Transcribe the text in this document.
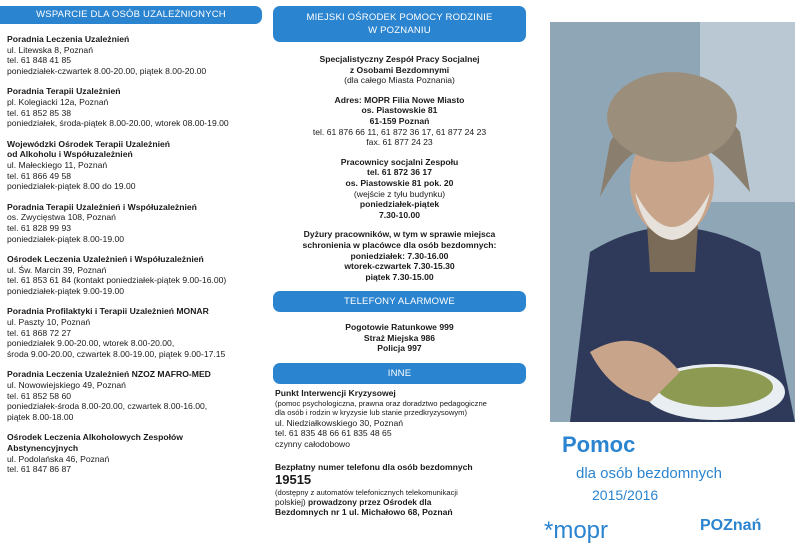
WSPARCIE DLA OSÓB UZALEŻNIONYCH
Poradnia Leczenia Uzależnień
ul. Litewska 8, Poznań
tel. 61 848 41 85
poniedziałek-czwartek 8.00-20.00, piątek 8.00-20.00
Poradnia Terapii Uzależnień
pl. Kolegiacki 12a, Poznań
tel. 61 852 85 38
poniedziałek, środa-piątek 8.00-20.00, wtorek 08.00-19.00
Wojewódzki Ośrodek Terapii Uzależnień
od Alkoholu i Współuzależnień
ul. Małeckiego 11, Poznań
tel. 61 866 49 58
poniedziałek-piątek 8.00 do 19.00
Poradnia Terapii Uzależnień i Współuzależnień
os. Zwycięstwa 108, Poznań
tel. 61 828 99 93
poniedziałek-piątek 8.00-19.00
Ośrodek Leczenia Uzależnień i Współuzależnień
ul. Św. Marcin 39, Poznań
tel. 61 853 61 84 (kontakt poniedziałek-piątek 9.00-16.00)
poniedziałek-piątek 9.00-19.00
Poradnia Profilaktyki i Terapii Uzależnień MONAR
ul. Paszty 10, Poznań
tel. 61 868 72 27
poniedziałek 9.00-20.00, wtorek 8.00-20.00,
środa 9.00-20.00, czwartek 8.00-19.00, piątek 9.00-17.15
Poradnia Leczenia Uzależnień NZOZ MAFRO-MED
ul. Nowowiejskiego 49, Poznań
tel. 61 852 58 60
poniedziałek-środa 8.00-20.00, czwartek 8.00-16.00,
piątek 8.00-18.00
Ośrodek Leczenia Alkoholowych Zespołów
Abstynencyjnych
ul. Podolańska 46, Poznań
tel. 61 847 86 87
MIEJSKI OŚRODEK POMOCY RODZINIE
W POZNANIU
Specjalistyczny Zespół Pracy Socjalnej
z Osobami Bezdomnymi
(dla całego Miasta Poznania)
Adres: MOPR Filia Nowe Miasto
os. Piastowskie 81
61-159 Poznań
tel. 61 876 66 11, 61 872 36 17, 61 877 24 23
fax. 61 877 24 23
Pracownicy socjalni Zespołu
tel. 61 872 36 17
os. Piastowskie 81 pok. 20
(wejście z tyłu budynku)
poniedziałek-piątek
7.30-10.00
Dyżury pracowników, w tym w sprawie miejsca
schronienia w placówce dla osób bezdomnych:
poniedziałek: 7.30-16.00
wtorek-czwartek 7.30-15.30
piątek 7.30-15.00
TELEFONY ALARMOWE
Pogotowie Ratunkowe 999
Straż Miejska 986
Policja 997
INNE
Punkt Interwencji Kryzysowej
(pomoc psychologiczna, prawna oraz doradztwo pedagogiczne
dla osób i rodzin w kryzysie lub stanie przedkryzysowym)
ul. Niedziałkowskiego 30, Poznań
tel. 61 835 48 66 61 835 48 65
czynny całodobowo
Bezpłatny numer telefonu dla osób bezdomnych
19515
(dostępny z automatów telefonicznych telekomunikacji
polskiej) prowadzony przez Ośrodek dla
Bezdomnych nr 1 ul. Michałowo 68, Poznań
Pomoc
dla osób bezdomnych
2015/2016
*mopr	POZnań
